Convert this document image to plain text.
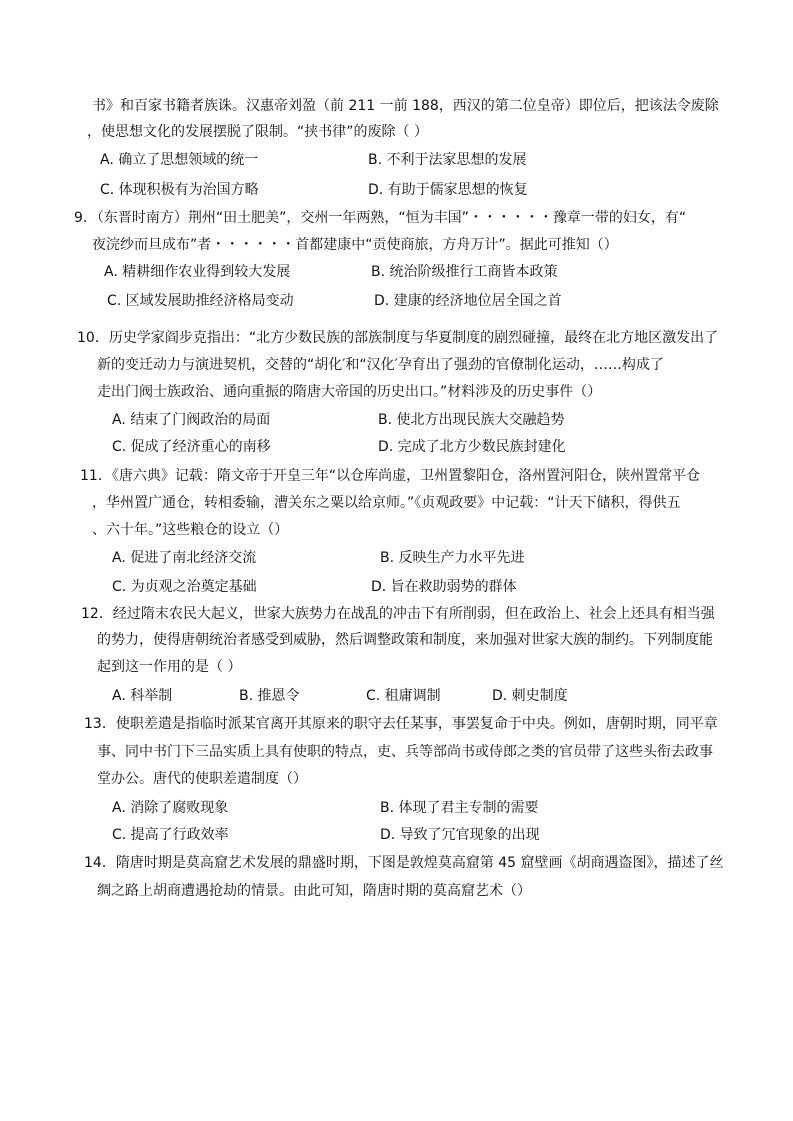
书》和百家书籍者族诛。汉惠帝刘盈（前 211 一前 188，西汉的第二位皇帝）即位后，把该法令废除
，使思想文化的发展摆脱了限制。“挟书律”的废除（ ）
A. 确立了思想领域的统一	B. 不利于法家思想的发展
C. 体现积极有为治国方略	D. 有助于儒家思想的恢复
9．（东晋时南方）荆州“田土肥美”，交州一年两熟，“恒为丰国”・・・・・・豫章一带的妇女，有“
夜浣纱而旦成布”者・・・・・・首都建康中“贡使商旅，方舟万计”。据此可推知（）
A. 精耕细作农业得到较大发展	B. 统治阶级推行工商皆本政策
C. 区域发展助推经济格局变动	D. 建康的经济地位居全国之首
10．历史学家阎步克指出：“北方少数民族的部族制度与华夏制度的剧烈碰撞，最终在北方地区激发出了
新的变迁动力与演进契机，交替的“胡化′和“汉化′孕育出了强劲的官僚制化运动，……构成了
走出门阀士族政治、通向重振的隋唐大帝国的历史出口。”材料涉及的历史事件（）
A. 结束了门阀政治的局面	B. 使北方出现民族大交融趋势
C. 促成了经济重心的南移	D. 完成了北方少数民族封建化
11．《唐六典》记载：隋文帝于开皇三年“以仓库尚虚，卫州置黎阳仓，洛州置河阳仓，陕州置常平仓
，华州置广通仓，转相委输，漕关东之粟以给京师。”《贞观政要》中记载：“计天下储积，得供五
、六十年。”这些粮仓的设立（）
A. 促进了南北经济交流	B. 反映生产力水平先进
C. 为贞观之治奠定基础	D. 旨在救助弱势的群体
12．经过隋末农民大起义，世家大族势力在战乱的冲击下有所削弱，但在政治上、社会上还具有相当强
的势力，使得唐朝统治者感受到威胁，然后调整政策和制度，来加强对世家大族的制约。下列制度能
起到这一作用的是（ ）
A. 科举制	B. 推恩令	C. 租庸调制	D. 刺史制度
13．使职差遣是指临时派某官离开其原来的职守去任某事，事罢复命于中央。例如，唐朝时期，同平章
事、同中书门下三品实质上具有使职的特点，吏、兵等部尚书或侍郎之类的官员带了这些头衔去政事
堂办公。唐代的使职差遣制度（）
A. 消除了腐败现象	B. 体现了君主专制的需要
C. 提高了行政效率	D. 导致了冗官现象的出现
14．隋唐时期是莫高窟艺术发展的鼎盛时期，下图是敦煌莫高窟第 45 窟壁画《胡商遇盗图》，描述了丝
绸之路上胡商遭遇抢劫的情景。由此可知，隋唐时期的莫高窟艺术（）
